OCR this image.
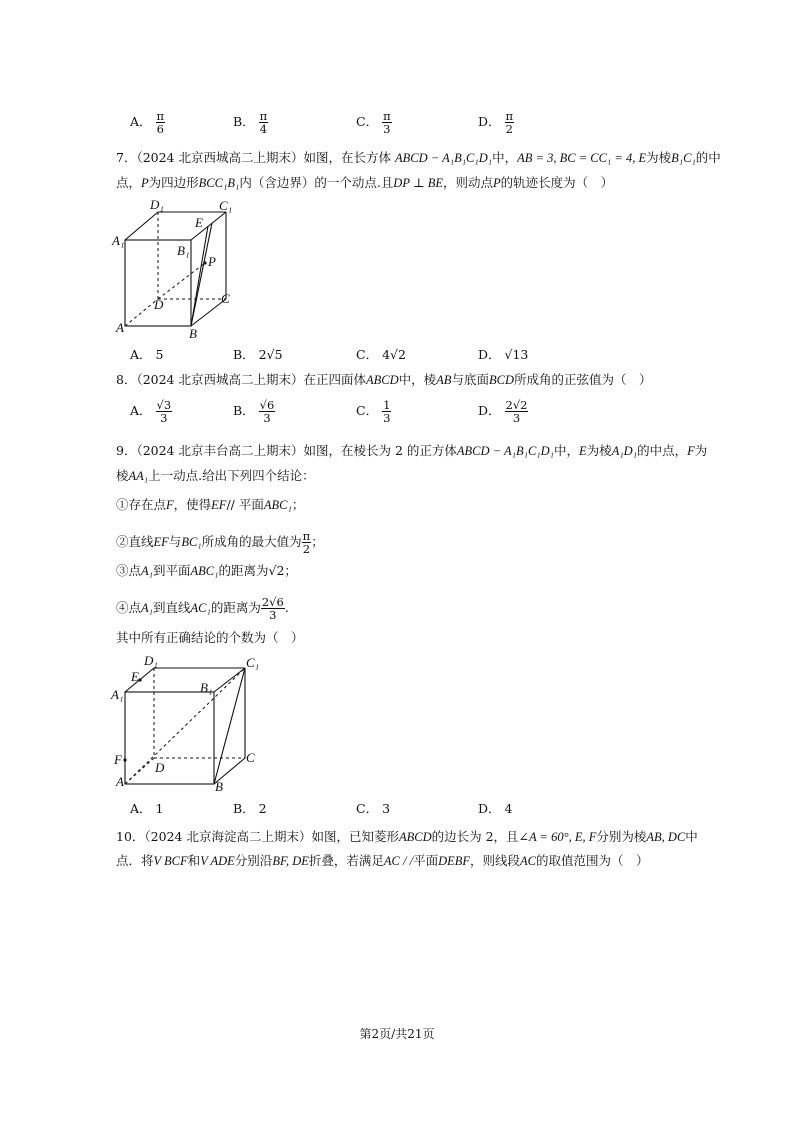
A． $\frac{\pi}{6}$	B． $\frac{\pi}{4}$	C． $\frac{\pi}{3}$	D． $\frac{\pi}{2}$
7．（2024 北京西城高二上期末）如图，在长方体 ABCD − A₁B₁C₁D₁中，AB = 3, BC = CC₁ = 4, E为棱B₁C₁的中
点，P为四边形BCC₁B₁内（含边界）的一个动点.且DP ⊥ BE，则动点P的轨迹长度为（　）
D₁	C₁
E
A₁
B₁
P
C
D
A	B
A． 5	B． 2√5	C． 4√2	D． √13
8．（2024 北京西城高二上期末）在正四面体ABCD中，棱AB与底面BCD所成角的正弦值为（　）
A． $\frac{√3}{3}$	B． $\frac{√6}{3}$	C． $\frac{1}{3}$	D． $\frac{2√2}{3}$
9．（2024 北京丰台高二上期末）如图，在棱长为 2 的正方体ABCD − A₁B₁C₁D₁中，E为棱A₁D₁的中点，F为
棱AA₁上一动点.给出下列四个结论：
①存在点F，使得EF// 平面ABC₁；
②直线EF与BC₁所成角的最大值为 $\frac{\pi}{2}$ ；
③点A₁到平面ABC₁的距离为√2；
④点A₁到直线AC₁的距离为 $\frac{2√6}{3}$ .
其中所有正确结论的个数为（　）
D₁	C₁
E
A₁	B₁
F
D
C
A	B
A． 1	B． 2	C． 3	D． 4
10．（2024 北京海淀高二上期末）如图，已知菱形ABCD的边长为 2，且∠A = 60°, E, F分别为棱AB, DC中
点．将V BCF和V ADE分别沿BF, DE折叠，若满足AC / /平面DEBF，则线段AC的取值范围为（　）
第2页/共21页
